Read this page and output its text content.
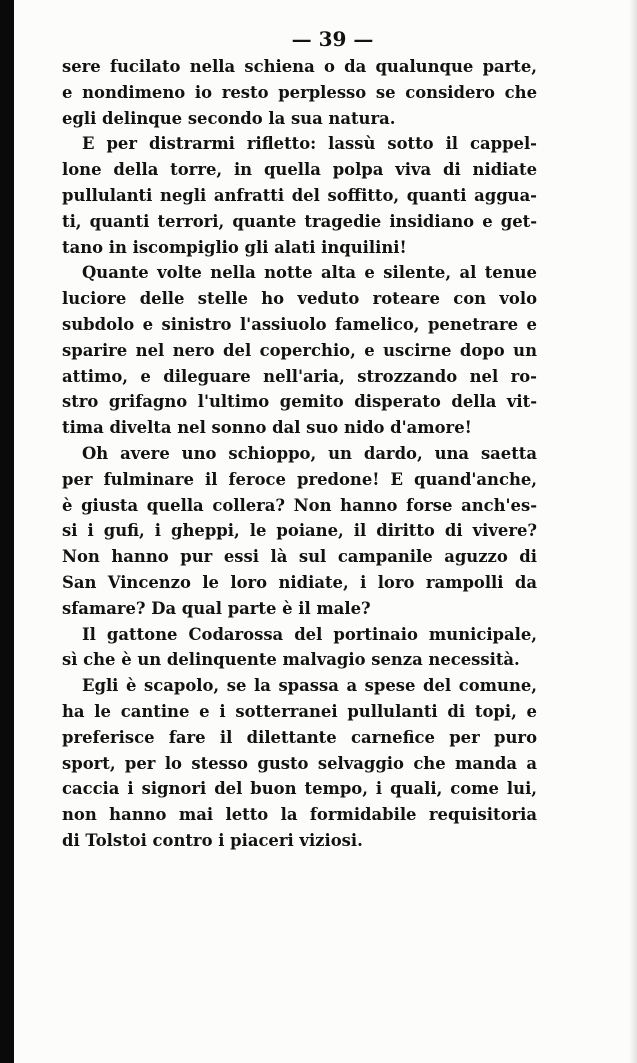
— 39 —

sere fucilato nella schiena o da qualunque parte,
e nondimeno io resto perplesso se considero che
egli delinque secondo la sua natura.

E per distrarmi rifletto: lassù sotto il cappel-
lone della torre, in quella polpa viva di nidiate
pullulanti negli anfratti del soffitto, quanti aggua-
ti, quanti terrori, quante tragedie insidiano e get-
tano in iscompiglio gli alati inquilini!

Quante volte nella notte alta e silente, al tenue
luciore delle stelle ho veduto roteare con volo
subdolo e sinistro l'assiuolo famelico, penetrare e
sparire nel nero del coperchio, e uscirne dopo un
attimo, e dileguare nell'aria, strozzando nel ro-
stro grifagno l'ultimo gemito disperato della vit-
tima divelta nel sonno dal suo nido d'amore!

Oh avere uno schioppo, un dardo, una saetta
per fulminare il feroce predone! E quand'anche,
è giusta quella collera? Non hanno forse anch'es-
si i gufi, i gheppi, le poiane, il diritto di vivere?
Non hanno pur essi là sul campanile aguzzo di
San Vincenzo le loro nidiate, i loro rampolli da
sfamare? Da qual parte è il male?

Il gattone Codarossa del portinaio municipale,
sì che è un delinquente malvagio senza necessità.

Egli è scapolo, se la spassa a spese del comune,
ha le cantine e i sotterranei pullulanti di topi, e
preferisce fare il dilettante carnefice per puro
sport, per lo stesso gusto selvaggio che manda a
caccia i signori del buon tempo, i quali, come lui,
non hanno mai letto la formidabile requisitoria
di Tolstoi contro i piaceri viziosi.
